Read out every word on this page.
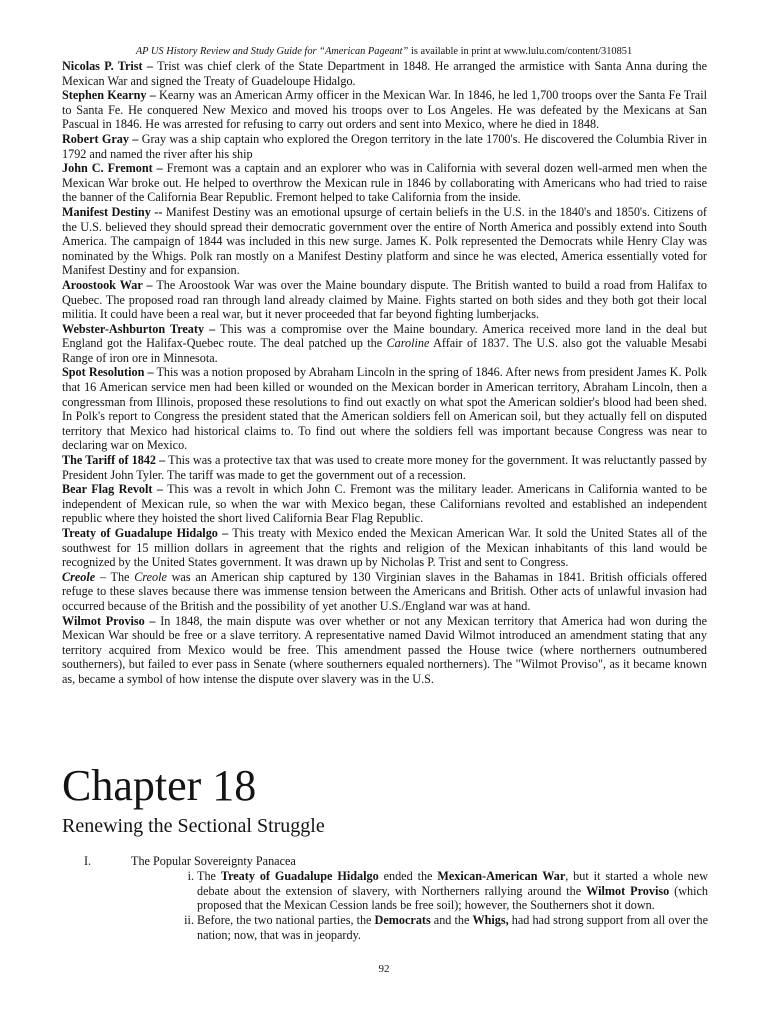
AP US History Review and Study Guide for “American Pageant” is available in print at www.lulu.com/content/310851

Nicolas P. Trist – Trist was chief clerk of the State Department in 1848. He arranged the armistice with Santa Anna during the Mexican War and signed the Treaty of Guadeloupe Hidalgo.

Stephen Kearny – Kearny was an American Army officer in the Mexican War. In 1846, he led 1,700 troops over the Santa Fe Trail to Santa Fe. He conquered New Mexico and moved his troops over to Los Angeles. He was defeated by the Mexicans at San Pascual in 1846. He was arrested for refusing to carry out orders and sent into Mexico, where he died in 1848.

Robert Gray – Gray was a ship captain who explored the Oregon territory in the late 1700's. He discovered the Columbia River in 1792 and named the river after his ship

John C. Fremont – Fremont was a captain and an explorer who was in California with several dozen well-armed men when the Mexican War broke out. He helped to overthrow the Mexican rule in 1846 by collaborating with Americans who had tried to raise the banner of the California Bear Republic. Fremont helped to take California from the inside.

Manifest Destiny -- Manifest Destiny was an emotional upsurge of certain beliefs in the U.S. in the 1840's and 1850's. Citizens of the U.S. believed they should spread their democratic government over the entire of North America and possibly extend into South America. The campaign of 1844 was included in this new surge. James K. Polk represented the Democrats while Henry Clay was nominated by the Whigs. Polk ran mostly on a Manifest Destiny platform and since he was elected, America essentially voted for Manifest Destiny and for expansion.

Aroostook War – The Aroostook War was over the Maine boundary dispute. The British wanted to build a road from Halifax to Quebec. The proposed road ran through land already claimed by Maine. Fights started on both sides and they both got their local militia. It could have been a real war, but it never proceeded that far beyond fighting lumberjacks.

Webster-Ashburton Treaty – This was a compromise over the Maine boundary. America received more land in the deal but England got the Halifax-Quebec route. The deal patched up the Caroline Affair of 1837. The U.S. also got the valuable Mesabi Range of iron ore in Minnesota.

Spot Resolution – This was a notion proposed by Abraham Lincoln in the spring of 1846. After news from president James K. Polk that 16 American service men had been killed or wounded on the Mexican border in American territory, Abraham Lincoln, then a congressman from Illinois, proposed these resolutions to find out exactly on what spot the American soldier's blood had been shed. In Polk's report to Congress the president stated that the American soldiers fell on American soil, but they actually fell on disputed territory that Mexico had historical claims to. To find out where the soldiers fell was important because Congress was near to declaring war on Mexico.

The Tariff of 1842 – This was a protective tax that was used to create more money for the government. It was reluctantly passed by President John Tyler. The tariff was made to get the government out of a recession.

Bear Flag Revolt – This was a revolt in which John C. Fremont was the military leader. Americans in California wanted to be independent of Mexican rule, so when the war with Mexico began, these Californians revolted and established an independent republic where they hoisted the short lived California Bear Flag Republic.

Treaty of Guadalupe Hidalgo – This treaty with Mexico ended the Mexican American War. It sold the United States all of the southwest for 15 million dollars in agreement that the rights and religion of the Mexican inhabitants of this land would be recognized by the United States government. It was drawn up by Nicholas P. Trist and sent to Congress.

Creole – The Creole was an American ship captured by 130 Virginian slaves in the Bahamas in 1841. British officials offered refuge to these slaves because there was immense tension between the Americans and British. Other acts of unlawful invasion had occurred because of the British and the possibility of yet another U.S./England war was at hand.

Wilmot Proviso – In 1848, the main dispute was over whether or not any Mexican territory that America had won during the Mexican War should be free or a slave territory. A representative named David Wilmot introduced an amendment stating that any territory acquired from Mexico would be free. This amendment passed the House twice (where northerners outnumbered southerners), but failed to ever pass in Senate (where southerners equaled northerners). The "Wilmot Proviso", as it became known as, became a symbol of how intense the dispute over slavery was in the U.S.

Chapter 18
Renewing the Sectional Struggle
I.	The Popular Sovereignty Panacea
i. The Treaty of Guadalupe Hidalgo ended the Mexican-American War, but it started a whole new debate about the extension of slavery, with Northerners rallying around the Wilmot Proviso (which proposed that the Mexican Cession lands be free soil); however, the Southerners shot it down.
ii. Before, the two national parties, the Democrats and the Whigs, had had strong support from all over the nation; now, that was in jeopardy.
92
